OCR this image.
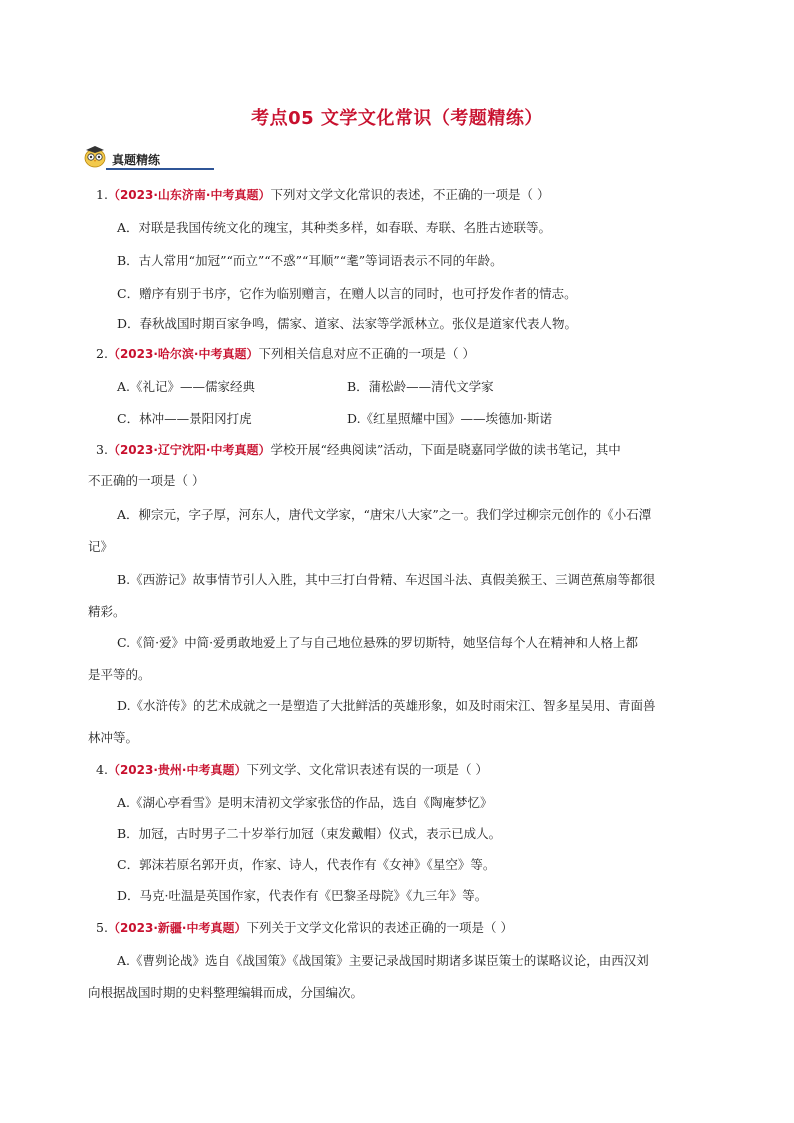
考点05 文学文化常识（考题精练）
真题精练
1.（2023·山东济南·中考真题）下列对文学文化常识的表述，不正确的一项是（ ）
A．对联是我国传统文化的瑰宝，其种类多样，如春联、寿联、名胜古迹联等。
B．古人常用“加冠”“而立”“不惑”“耳顺”“耄”等词语表示不同的年龄。
C．赠序有别于书序，它作为临别赠言，在赠人以言的同时，也可抒发作者的情志。
D．春秋战国时期百家争鸣，儒家、道家、法家等学派林立。张仪是道家代表人物。
2.（2023·哈尔滨·中考真题）下列相关信息对应不正确的一项是（ ）
A.《礼记》——儒家经典	B．蒲松龄——清代文学家
C．林冲——景阳冈打虎	D.《红星照耀中国》——埃德加·斯诺
3.（2023·辽宁沈阳·中考真题）学校开展“经典阅读”活动，下面是晓嘉同学做的读书笔记，其中
不正确的一项是（ ）
A．柳宗元，字子厚，河东人，唐代文学家，“唐宋八大家”之一。我们学过柳宗元创作的《小石潭
记》
B.《西游记》故事情节引人入胜，其中三打白骨精、车迟国斗法、真假美猴王、三调芭蕉扇等都很
精彩。
C.《简·爱》中简·爱勇敢地爱上了与自己地位悬殊的罗切斯特，她坚信每个人在精神和人格上都
是平等的。
D.《水浒传》的艺术成就之一是塑造了大批鲜活的英雄形象，如及时雨宋江、智多星吴用、青面兽
林冲等。
4.（2023·贵州·中考真题）下列文学、文化常识表述有误的一项是（ ）
A.《湖心亭看雪》是明末清初文学家张岱的作品，选自《陶庵梦忆》
B．加冠，古时男子二十岁举行加冠（束发戴帽）仪式，表示已成人。
C．郭沫若原名郭开贞，作家、诗人，代表作有《女神》《星空》等。
D．马克·吐温是英国作家，代表作有《巴黎圣母院》《九三年》等。
5.（2023·新疆·中考真题）下列关于文学文化常识的表述正确的一项是（ ）
A.《曹刿论战》选自《战国策》《战国策》主要记录战国时期诸多谋臣策士的谋略议论，由西汉刘
向根据战国时期的史料整理编辑而成，分国编次。
